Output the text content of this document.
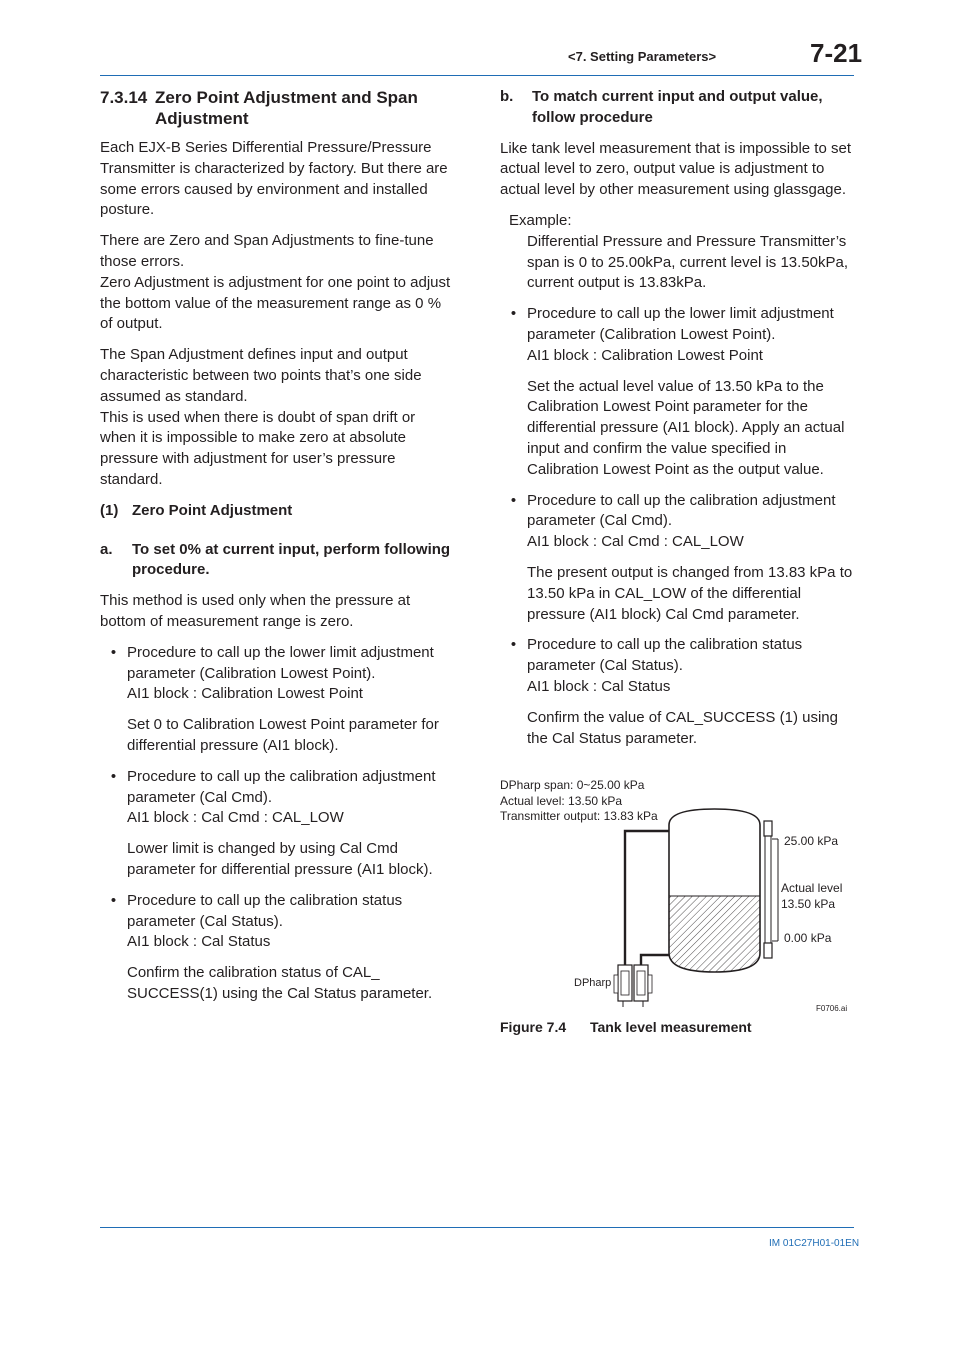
<7. Setting Parameters>	7-21
7.3.14 Zero Point Adjustment and Span Adjustment

Each EJX-B Series Differential Pressure/Pressure Transmitter is characterized by factory. But there are some errors caused by environment and installed posture.

There are Zero and Span Adjustments to fine-tune those errors.

Zero Adjustment is adjustment for one point to adjust the bottom value of the measurement range as 0 % of output.

The Span Adjustment defines input and output characteristic between two points that’s one side assumed as standard.

This is used when there is doubt of span drift or when it is impossible to make zero at absolute pressure with adjustment for user’s pressure standard.

(1) Zero Point Adjustment
a.	To set 0% at current input, perform following procedure.

This method is used only when the pressure at bottom of measurement range is zero.

• Procedure to call up the lower limit adjustment parameter (Calibration Lowest Point).

AI1 block : Calibration Lowest Point

Set 0 to Calibration Lowest Point parameter for differential pressure (AI1 block).

• Procedure to call up the calibration adjustment parameter (Cal Cmd).

AI1 block : Cal Cmd : CAL_LOW

Lower limit is changed by using Cal Cmd parameter for differential pressure (AI1 block).

• Procedure to call up the calibration status parameter (Cal Status).

AI1 block : Cal Status

Confirm the calibration status of CAL_ SUCCESS(1) using the Cal Status parameter.

b.	To match current input and output value, follow procedure

Like tank level measurement that is impossible to set actual level to zero, output value is adjustment to actual level by other measurement using glassgage.

Example:

Differential Pressure and Pressure Transmitter’s span is 0 to 25.00kPa, current level is 13.50kPa, current output is 13.83kPa.

• Procedure to call up the lower limit adjustment parameter (Calibration Lowest Point).

AI1 block : Calibration Lowest Point

Set the actual level value of 13.50 kPa to the Calibration Lowest Point parameter for the differential pressure (AI1 block). Apply an actual input and confirm the value specified in Calibration Lowest Point as the output value.

• Procedure to call up the calibration adjustment parameter (Cal Cmd).

AI1 block : Cal Cmd : CAL_LOW

The present output is changed from 13.83 kPa to 13.50 kPa in CAL_LOW of the differential pressure (AI1 block) Cal Cmd parameter.

• Procedure to call up the calibration status parameter (Cal Status).

AI1 block : Cal Status

Confirm the value of CAL_SUCCESS (1) using the Cal Status parameter.

DPharp span: 0~25.00 kPa
Actual level: 13.50 kPa
Transmitter output: 13.83 kPa
25.00 kPa
Actual level
13.50 kPa
0.00 kPa
DPharp
F0706.ai
Figure 7.4 Tank level measurement
IM 01C27H01-01EN
